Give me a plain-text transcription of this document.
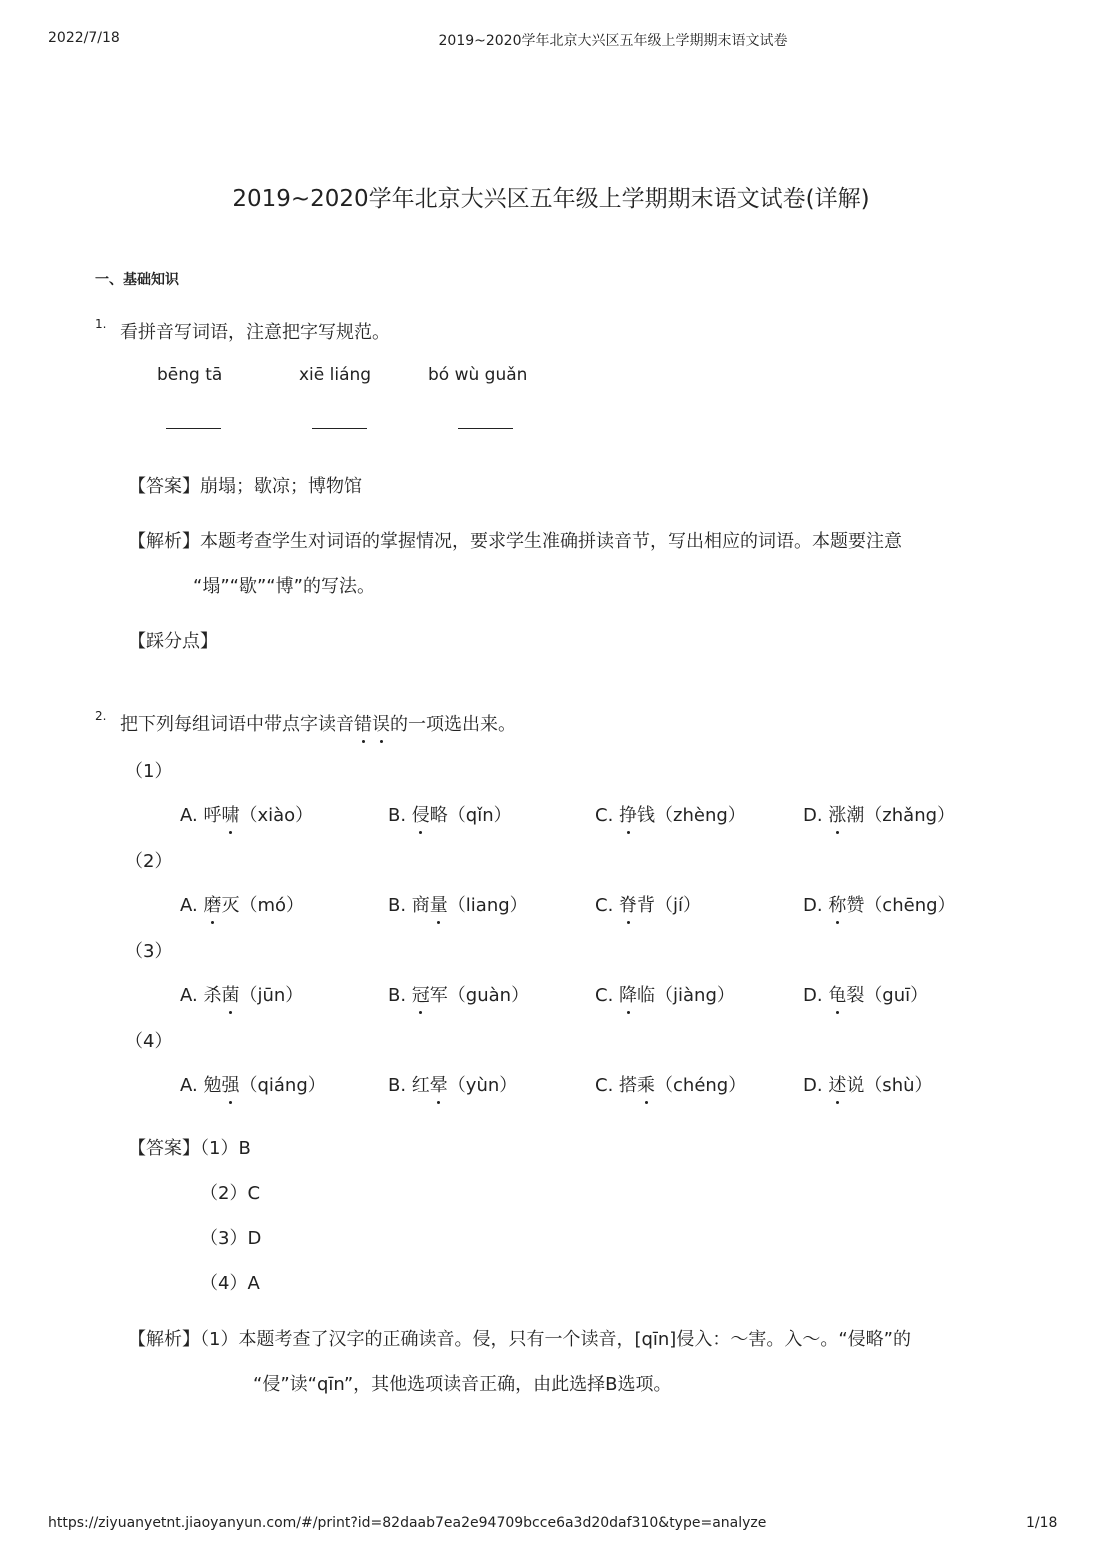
2022/7/18	2019~2020学年北京大兴区五年级上学期期末语文试卷
2019~2020学年北京大兴区五年级上学期期末语文试卷(详解)
一、基础知识
1. 看拼音写词语，注意把字写规范。
bēng tā	xiē liáng	bó wù guǎn
【答案】崩塌；歇凉；博物馆
【解析】本题考查学生对词语的掌握情况，要求学生准确拼读音节，写出相应的词语。本题要注意
“塌”“歇”“博”的写法。
【踩分点】
2. 把下列每组词语中带点字读音错误的一项选出来。
（1）
A. 呼啸（xiào）	B. 侵略（qǐn）	C. 挣钱（zhèng）	D. 涨潮（zhǎng）
（2）
A. 磨灭（mó）	B. 商量（liang）	C. 脊背（jí）	D. 称赞（chēng）
（3）
A. 杀菌（jūn）	B. 冠军（guàn）	C. 降临（jiàng）	D. 龟裂（guī）
（4）
A. 勉强（qiáng）	B. 红晕（yùn）	C. 搭乘（chéng）	D. 述说（shù）
【答案】（1）B
（2）C
（3）D
（4）A
【解析】（1）本题考查了汉字的正确读音。侵，只有一个读音，[qīn]侵入：～害。入～。“侵略”的
“侵”读“qīn”，其他选项读音正确，由此选择B选项。
https://ziyuanyetnt.jiaoyanyun.com/#/print?id=82daab7ea2e94709bcce6a3d20daf310&type=analyze	1/18
